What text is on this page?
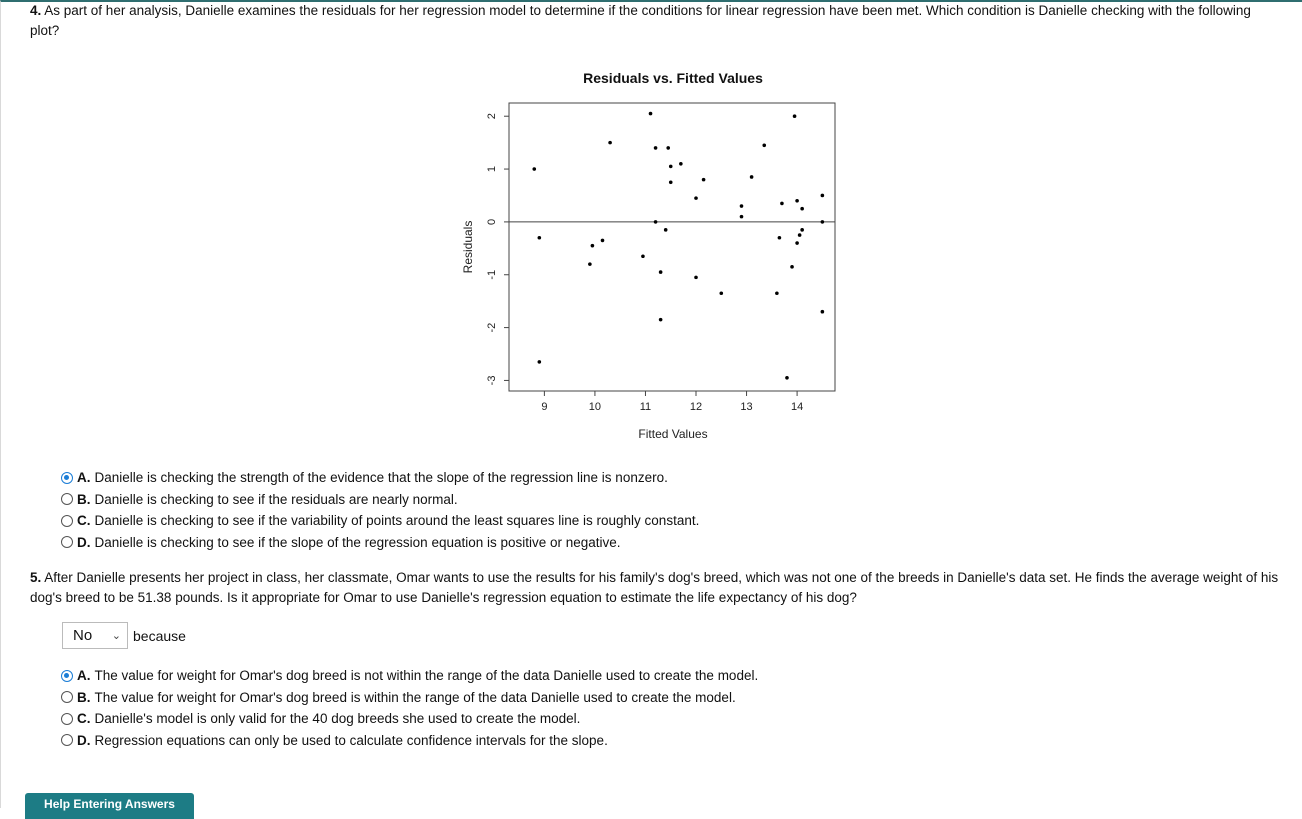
4. As part of her analysis, Danielle examines the residuals for her regression model to determine if the conditions for linear regression have been met. Which condition is Danielle checking with the following plot?
Residuals vs. Fitted Values
9	10	11	12	13	14
2
1
0
-1
-2
-3
Fitted Values
Residuals
A. Danielle is checking the strength of the evidence that the slope of the regression line is nonzero.
B. Danielle is checking to see if the residuals are nearly normal.
C. Danielle is checking to see if the variability of points around the least squares line is roughly constant.
D. Danielle is checking to see if the slope of the regression equation is positive or negative.
5. After Danielle presents her project in class, her classmate, Omar wants to use the results for his family's dog's breed, which was not one of the breeds in Danielle's data set. He finds the average weight of his dog's breed to be 51.38 pounds. Is it appropriate for Omar to use Danielle's regression equation to estimate the life expectancy of his dog?
No ⌄ because
A. The value for weight for Omar's dog breed is not within the range of the data Danielle used to create the model.
B. The value for weight for Omar's dog breed is within the range of the data Danielle used to create the model.
C. Danielle's model is only valid for the 40 dog breeds she used to create the model.
D. Regression equations can only be used to calculate confidence intervals for the slope.
Help Entering Answers
